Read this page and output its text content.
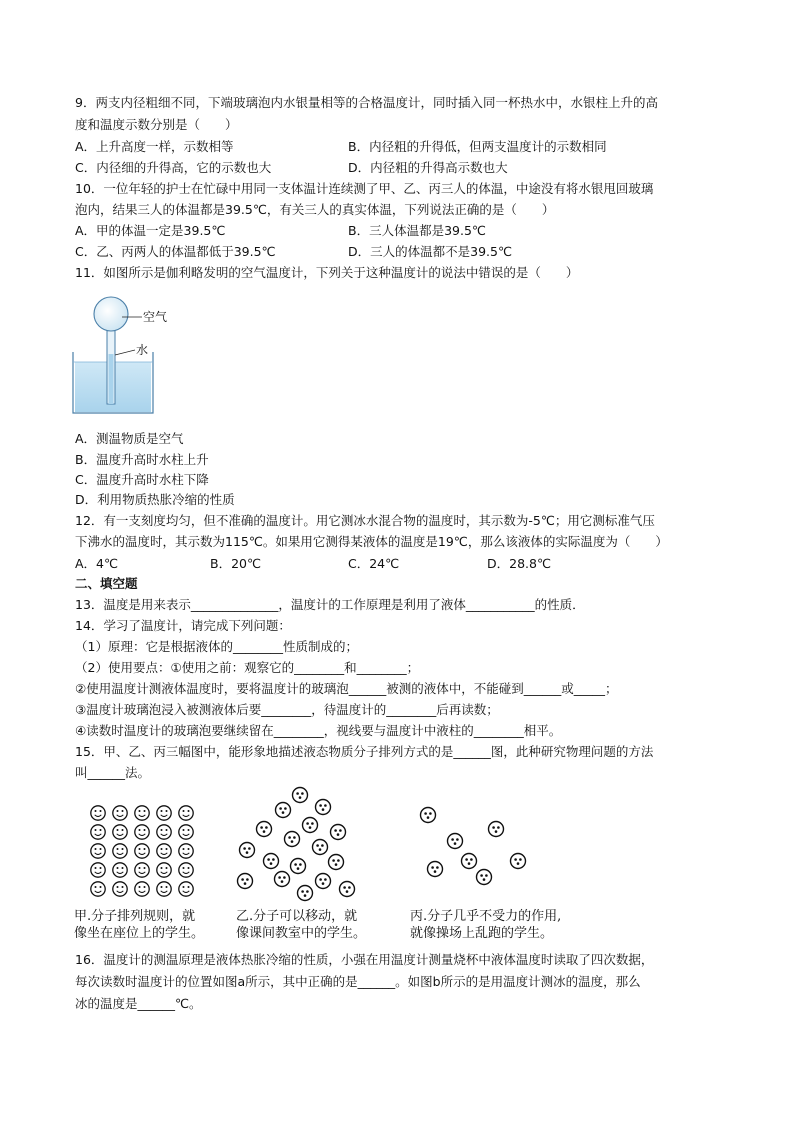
9．两支内径粗细不同，下端玻璃泡内水银量相等的合格温度计，同时插入同一杯热水中，水银柱上升的高
度和温度示数分别是（　　）
A．上升高度一样，示数相等	B．内径粗的升得低，但两支温度计的示数相同
C．内径细的升得高，它的示数也大	D．内径粗的升得高示数也大
10．一位年轻的护士在忙碌中用同一支体温计连续测了甲、乙、丙三人的体温，中途没有将水银甩回玻璃
泡内，结果三人的体温都是39.5℃，有关三人的真实体温，下列说法正确的是（　　）
A．甲的体温一定是39.5℃	B．三人体温都是39.5℃
C．乙、丙两人的体温都低于39.5℃	D．三人的体温都不是39.5℃
11．如图所示是伽利略发明的空气温度计，下列关于这种温度计的说法中错误的是（　　）
空气
水
A．测温物质是空气
B．温度升高时水柱上升
C．温度升高时水柱下降
D．利用物质热胀冷缩的性质
12．有一支刻度均匀，但不准确的温度计。用它测冰水混合物的温度时，其示数为-5℃；用它测标准气压
下沸水的温度时，其示数为115℃。如果用它测得某液体的温度是19℃，那么该液体的实际温度为（　　）
A．4℃	B．20℃	C．24℃	D．28.8℃
二、填空题
13．温度是用来表示______________，温度计的工作原理是利用了液体___________的性质．
14．学习了温度计，请完成下列问题：
（1）原理：它是根据液体的________性质制成的；
（2）使用要点：①使用之前：观察它的________和________；
②使用温度计测液体温度时，要将温度计的玻璃泡______被测的液体中，不能碰到______或_____；
③温度计玻璃泡浸入被测液体后要________，待温度计的________后再读数；
④读数时温度计的玻璃泡要继续留在________，视线要与温度计中液柱的________相平。
15．甲、乙、丙三幅图中，能形象地描述液态物质分子排列方式的是______图，此种研究物理问题的方法
叫______法。
甲.分子排列规则，就
像坐在座位上的学生。
乙.分子可以移动，就
像课间教室中的学生。
丙.分子几乎不受力的作用,
就像操场上乱跑的学生。
16．温度计的测温原理是液体热胀冷缩的性质，小强在用温度计测量烧杯中液体温度时读取了四次数据，
每次读数时温度计的位置如图a所示，其中正确的是______。如图b所示的是用温度计测冰的温度，那么
冰的温度是______℃。
